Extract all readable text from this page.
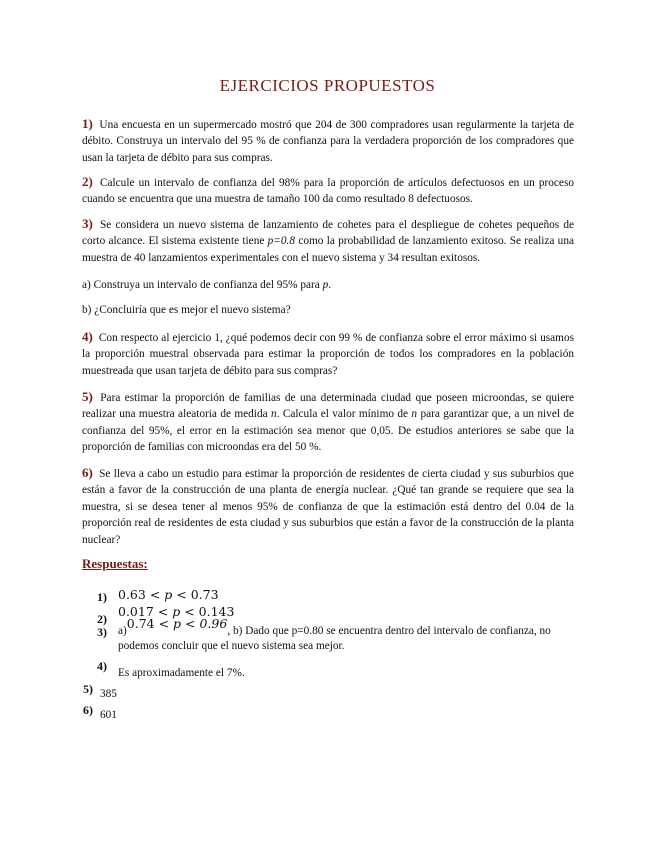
EJERCICIOS PROPUESTOS

1) Una encuesta en un supermercado mostró que 204 de 300 compradores usan regularmente la tarjeta de débito. Construya un intervalo del 95 % de confianza para la verdadera proporción de los compradores que usan la tarjeta de débito para sus compras.

2) Calcule un intervalo de confianza del 98% para la proporción de artículos defectuosos en un proceso cuando se encuentra que una muestra de tamaño 100 da como resultado 8 defectuosos.

3) Se considera un nuevo sistema de lanzamiento de cohetes para el despliegue de cohetes pequeños de corto alcance. El sistema existente tiene p=0.8 como la probabilidad de lanzamiento exitoso. Se realiza una muestra de 40 lanzamientos experimentales con el nuevo sistema y 34 resultan exitosos.

a) Construya un intervalo de confianza del 95% para p.

b) ¿Concluiría que es mejor el nuevo sistema?

4) Con respecto al ejercicio 1, ¿qué podemos decir con 99 % de confianza sobre el error máximo si usamos la proporción muestral observada para estimar la proporción de todos los compradores en la población muestreada que usan tarjeta de débito para sus compras?

5) Para estimar la proporción de familias de una determinada ciudad que poseen microondas, se quiere realizar una muestra aleatoria de medida n. Calcula el valor mínimo de n para garantizar que, a un nivel de confianza del 95%, el error en la estimación sea menor que 0,05. De estudios anteriores se sabe que la proporción de familias con microondas era del 50 %.

6) Se lleva a cabo un estudio para estimar la proporción de residentes de cierta ciudad y sus suburbios que están a favor de la construcción de una planta de energía nuclear. ¿Qué tan grande se requiere que sea la muestra, si se desea tener al menos 95% de confianza de que la estimación está dentro del 0.04 de la proporción real de residentes de esta ciudad y sus suburbios que están a favor de la construcción de la planta nuclear?

Respuestas:
1) 0.63 < p < 0.73
2) 0.017 < p < 0.143
3) a)0.74 < p < 0.96, b) Dado que p=0.80 se encuentra dentro del intervalo de confianza, no podemos concluir que el nuevo sistema sea mejor.
4) Es aproximadamente el 7%.
5) 385
6) 601
